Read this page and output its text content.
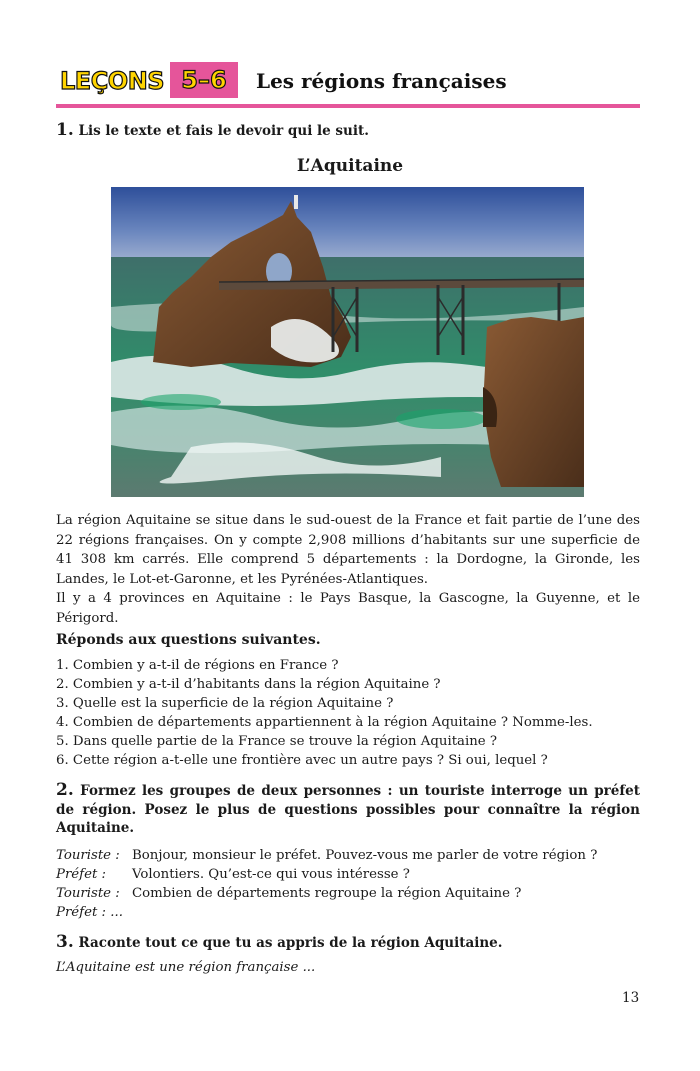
LEÇONS 5–6	Les régions françaises
1. Lis le texte et fais le devoir qui le suit.
L’Aquitaine
La région Aquitaine se situe dans le sud-ouest de la France et fait partie de l’une des 22 régions françaises. On y compte 2,908 millions d’habitants sur une superficie de 41 308 km carrés. Elle comprend 5 départements : la Dordogne, la Gironde, les Landes, le Lot-et-Garonne, et les Pyrénées-Atlantiques.
Il y a 4 provinces en Aquitaine : le Pays Basque, la Gascogne, la Guyenne, et le Périgord.
Réponds aux questions suivantes.
1. Combien y a-t-il de régions en France ?
2. Combien y a-t-il d’habitants dans la région Aquitaine ?
3. Quelle est la superficie de la région Aquitaine ?
4. Combien de départements appartiennent à la région Aquitaine ? Nomme-les.
5. Dans quelle partie de la France se trouve la région Aquitaine ?
6. Cette région a-t-elle une frontière avec un autre pays ? Si oui, lequel ?
2. Formez les groupes de deux personnes : un touriste interroge un préfet de région. Posez le plus de questions possibles pour connaître la région Aquitaine.
Touriste : Bonjour, monsieur le préfet. Pouvez-vous me parler de votre région ?
Préfet : Volontiers. Qu’est-ce qui vous intéresse ?
Touriste : Combien de départements regroupe la région Aquitaine ?
Préfet : ...
3. Raconte tout ce que tu as appris de la région Aquitaine.
L’Aquitaine est une région française ...
13
